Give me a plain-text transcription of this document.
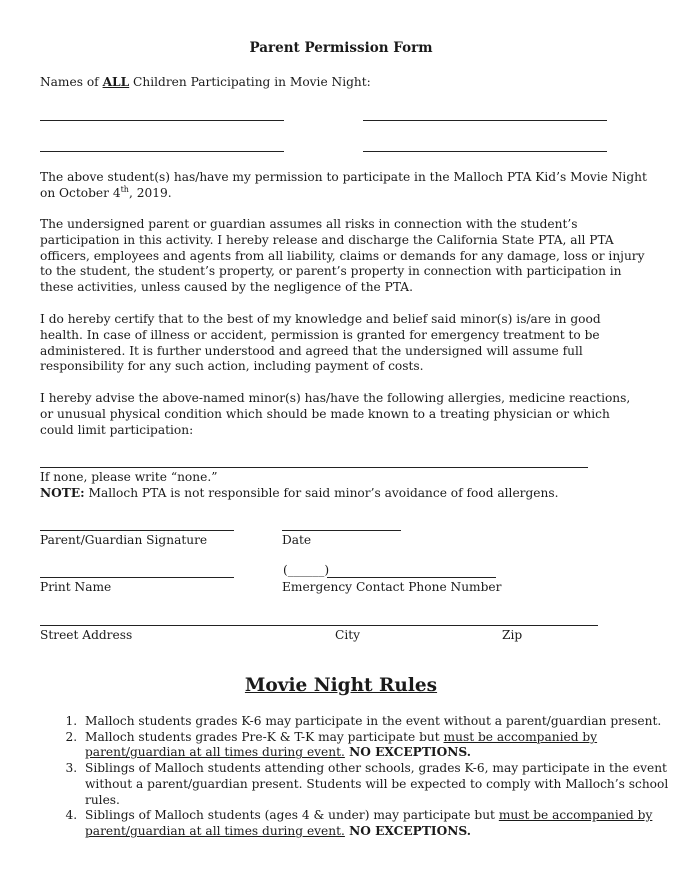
Parent Permission Form
Names of ALL Children Participating in Movie Night:
The above student(s) has/have my permission to participate in the Malloch PTA Kid’s Movie Night on October 4th, 2019.
The undersigned parent or guardian assumes all risks in connection with the student’s participation in this activity. I hereby release and discharge the California State PTA, all PTA officers, employees and agents from all liability, claims or demands for any damage, loss or injury to the student, the student’s property, or parent’s property in connection with participation in these activities, unless caused by the negligence of the PTA.
I do hereby certify that to the best of my knowledge and belief said minor(s) is/are in good health. In case of illness or accident, permission is granted for emergency treatment to be administered. It is further understood and agreed that the undersigned will assume full responsibility for any such action, including payment of costs.
I hereby advise the above-named minor(s) has/have the following allergies, medicine reactions, or unusual physical condition which should be made known to a treating physician or which could limit participation:
If none, please write “none.”
NOTE: Malloch PTA is not responsible for said minor’s avoidance of food allergens.
Parent/Guardian Signature	Date
(______)
Print Name	Emergency Contact Phone Number
Street Address	City	Zip
Movie Night Rules
1. Malloch students grades K-6 may participate in the event without a parent/guardian present.
2. Malloch students grades Pre-K & T-K may participate but must be accompanied by parent/guardian at all times during event. NO EXCEPTIONS.
3. Siblings of Malloch students attending other schools, grades K-6, may participate in the event without a parent/guardian present. Students will be expected to comply with Malloch’s school rules.
4. Siblings of Malloch students (ages 4 & under) may participate but must be accompanied by parent/guardian at all times during event. NO EXCEPTIONS.
